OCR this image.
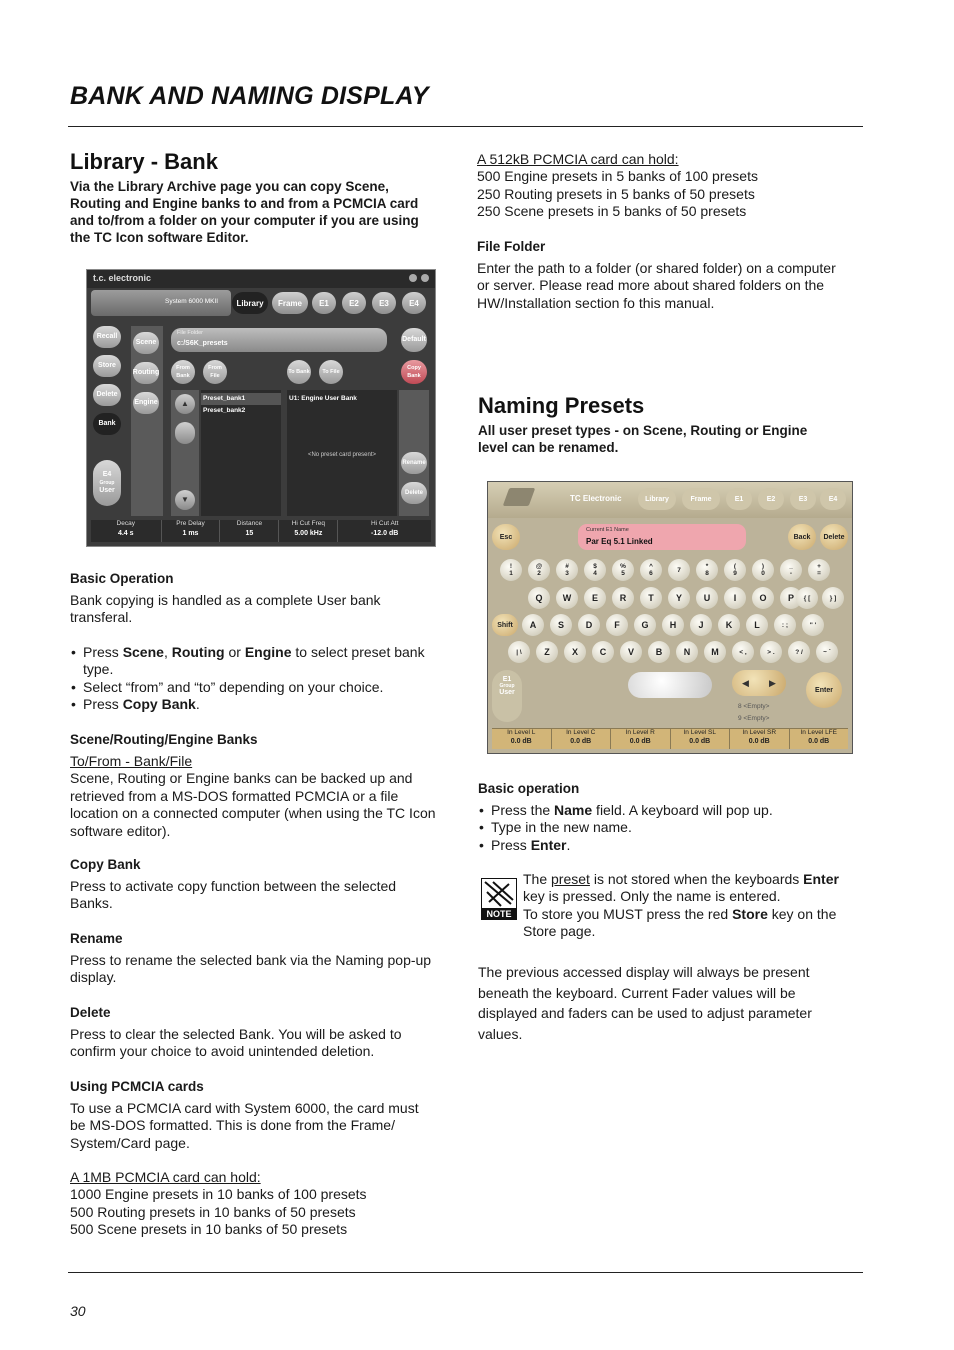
BANK AND NAMING DISPLAY
Library - Bank

Via the Library Archive page you can copy Scene,
Routing and Engine banks to and from a PCMCIA card
and to/from a folder on your computer if you are using
the TC Icon software Editor.

t.c. electronic
System 6000 MKII	Library	Frame	E1	E2	E3	E4
Recall
Store
Delete
Bank
E4
Group
User
Scene
Routing
Engine
File Folder
c:/S6K_presets
Default
From Bank
From File
To Bank	To File
Copy Bank
▲
▼
Preset_bank1
Preset_bank2
U1: Engine User Bank
<No preset card present>
Rename
Delete
Decay
4.4 s
Pre Delay
1 ms
Distance
15
Hi Cut Freq
5.00 kHz
Hi Cut Att
-12.0 dB

Basic Operation

Bank copying is handled as a complete User bank
transferal.

• Press Scene, Routing or Engine to select preset bank
type.
• Select “from” and “to” depending on your choice.
• Press Copy Bank.

Scene/Routing/Engine Banks

To/From - Bank/File
Scene, Routing or Engine banks can be backed up and
retrieved from a MS-DOS formatted PCMCIA or a file
location on a connected computer (when using the TC Icon
software editor).

Copy Bank

Press to activate copy function between the selected
Banks.

Rename

Press to rename the selected bank via the Naming pop-up
display.

Delete

Press to clear the selected Bank. You will be asked to
confirm your choice to avoid unintended deletion.

Using PCMCIA cards

To use a PCMCIA card with System 6000, the card must
be MS-DOS formatted. This is done from the Frame/
System/Card page.

A 1MB PCMCIA card can hold:
1000 Engine presets in 10 banks of 100 presets
500 Routing presets in 10 banks of 50 presets
500 Scene presets in 10 banks of 50 presets

A 512kB PCMCIA card can hold:
500 Engine presets in 5 banks of 100 presets
250 Routing presets in 5 banks of 50 presets
250 Scene presets in 5 banks of 50 presets

File Folder

Enter the path to a folder (or shared folder) on a computer
or server. Please read more about shared folders on the
HW/Installation section fo this manual.

Naming Presets

All user preset types - on Scene, Routing or Engine
level can be renamed.

TC Electronic	Library	Frame	E1	E2	E3	E4
Esc
Current E1 Name
Par Eq 5.1 Linked	Back	Delete
!
1
@
2
#
3
$
4
%
5
^
6	7	*
8
(
9
)
0
_
-
+
=
Q	W	E	R	T	Y	U	I	O	P	{ [	} ]
Shift	A	S	D	F	G	H	J	K	L	: ;	" '
| \	Z	X	C	V	B	N	M	< ,	> .	? /	~ `
E1
Group
User
◀ ▶
Enter
8 <Empty>
9 <Empty>
In Level L
0.0 dB
In Level C
0.0 dB
In Level R
0.0 dB
In Level SL
0.0 dB
In Level SR
0.0 dB
In Level LFE
0.0 dB

Basic operation

• Press the Name field. A keyboard will pop up.
• Type in the new name.
• Press Enter.
NOTE

The preset is not stored when the keyboards Enter
key is pressed. Only the name is entered.
To store you MUST press the red Store key on the
Store page.

The previous accessed display will always be present
beneath the keyboard. Current Fader values will be
displayed and faders can be used to adjust parameter
values.

30
